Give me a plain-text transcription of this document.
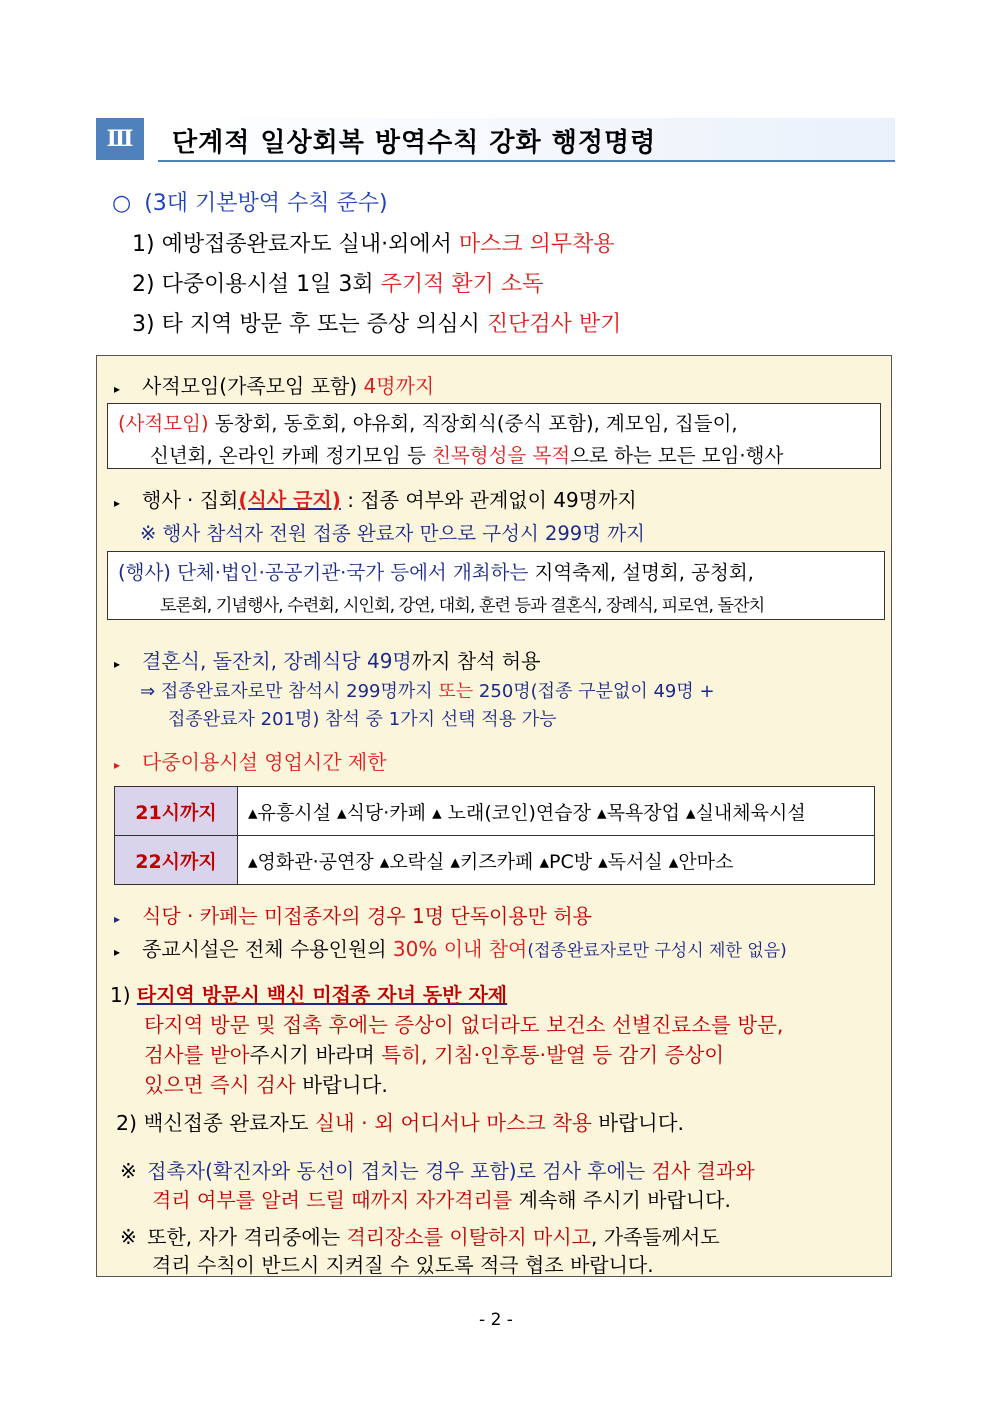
Ⅲ	단계적 일상회복 방역수칙 강화 행정명령
○ (3대 기본방역 수칙 준수)
1) 예방접종완료자도 실내·외에서 마스크 의무착용
2) 다중이용시설 1일 3회 주기적 환기 소독
3) 타 지역 방문 후 또는 증상 의심시 진단검사 받기
▸ 사적모임(가족모임 포함) 4명까지
(사적모임) 동창회, 동호회, 야유회, 직장회식(중식 포함), 계모임, 집들이,
신년회, 온라인 카페 정기모임 등 친목형성을 목적으로 하는 모든 모임·행사
▸ 행사 · 집회(식사 금지) : 접종 여부와 관계없이 49명까지
※ 행사 참석자 전원 접종 완료자 만으로 구성시 299명 까지
(행사) 단체·법인·공공기관·국가 등에서 개최하는 지역축제, 설명회, 공청회,
토론회, 기념행사, 수련회, 시인회, 강연, 대회, 훈련 등과 결혼식, 장례식, 피로연, 돌잔치
▸ 결혼식, 돌잔치, 장례식당 49명까지 참석 허용
⇒ 접종완료자로만 참석시 299명까지 또는 250명(접종 구분없이 49명 +
접종완료자 201명) 참석 중 1가지 선택 적용 가능
▸ 다중이용시설 영업시간 제한
21시까지	▴유흥시설 ▴식당·카페 ▴ 노래(코인)연습장 ▴목욕장업 ▴실내체육시설
22시까지	▴영화관·공연장 ▴오락실 ▴키즈카페 ▴PC방 ▴독서실 ▴안마소
▸ 식당 · 카페는 미접종자의 경우 1명 단독이용만 허용
▸ 종교시설은 전체 수용인원의 30% 이내 참여(접종완료자로만 구성시 제한 없음)
1) 타지역 방문시 백신 미접종 자녀 동반 자제
타지역 방문 및 접촉 후에는 증상이 없더라도 보건소 선별진료소를 방문,
검사를 받아주시기 바라며 특히, 기침·인후통·발열 등 감기 증상이
있으면 즉시 검사 바랍니다.
2) 백신접종 완료자도 실내 · 외 어디서나 마스크 착용 바랍니다.
※ 접촉자(확진자와 동선이 겹치는 경우 포함)로 검사 후에는 검사 결과와
격리 여부를 알려 드릴 때까지 자가격리를 계속해 주시기 바랍니다.
※ 또한, 자가 격리중에는 격리장소를 이탈하지 마시고, 가족들께서도
격리 수칙이 반드시 지켜질 수 있도록 적극 협조 바랍니다.
- 2 -
